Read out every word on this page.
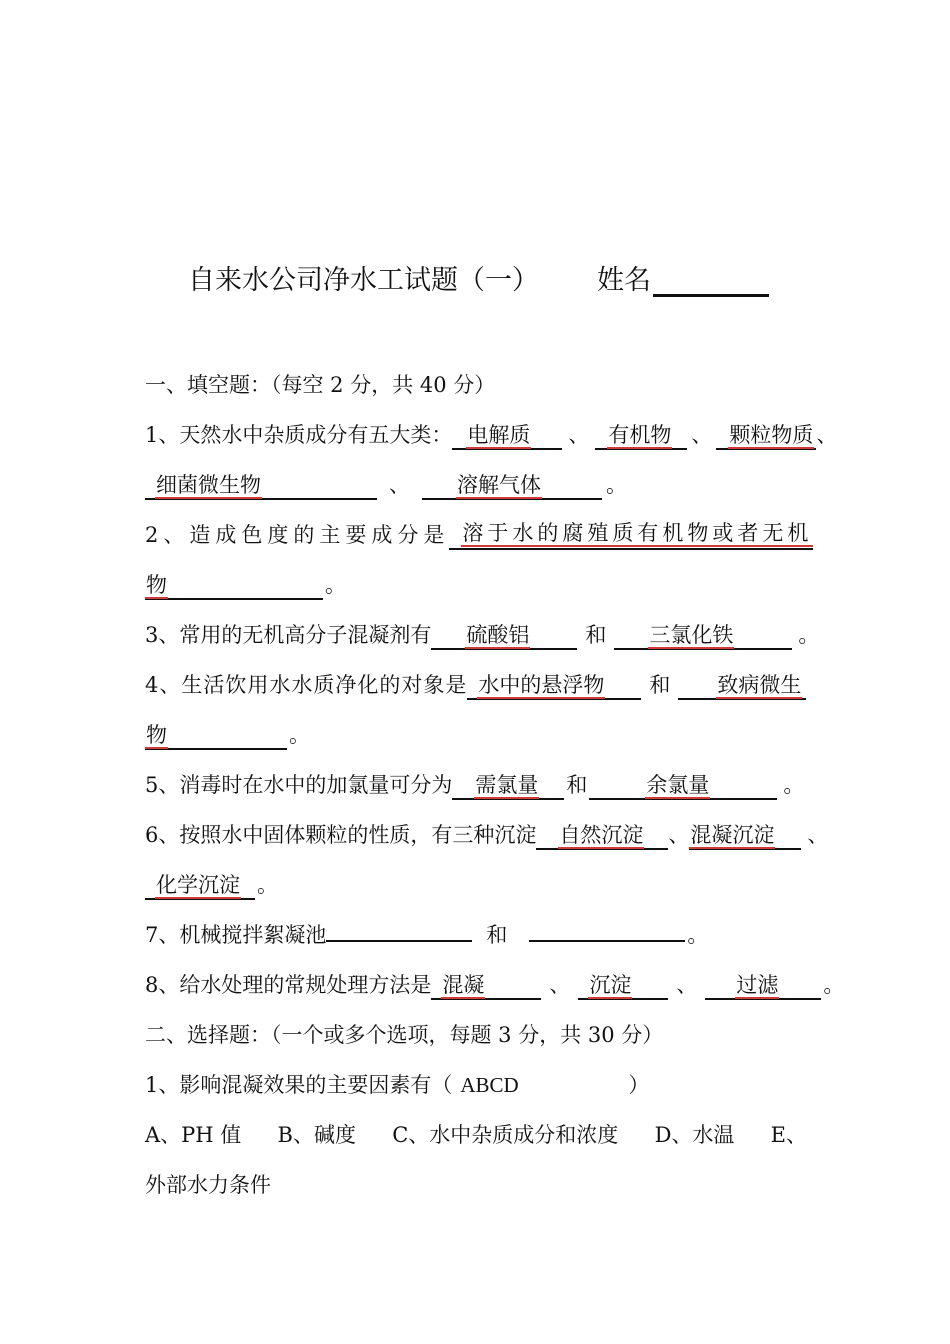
自来水公司净水工试题（一） 姓名
一、填空题：（每空 2 分，共 40 分）
1、天然水中杂质成分有五大类： 电解质 、 有机物 、 颗粒物质 、
细菌微生物	、 溶解气体	。
2、造成色度的主要成分是 溶于水的腐殖质有机物或者无机
物	。
3、常用的无机高分子混凝剂有 硫酸铝	和 三氯化铁	。
4、生活饮用水水质净化的对象是 水中的悬浮物 和 致病微生
物	。
5、消毒时在水中的加氯量可分为 需氯量 和	余氯量	。
6、按照水中固体颗粒的性质，有三种沉淀 自然沉淀 、混凝沉淀 、
化学沉淀 。
7、机械搅拌絮凝池	和	。
8、给水处理的常规处理方法是 混凝	、 沉淀 、 过滤 。
二、选择题：（一个或多个选项，每题 3 分，共 30 分）
1、影响混凝效果的主要因素有（ ABCD	）
A、PH 值 B、碱度 C、水中杂质成分和浓度 D、水温 E、
外部水力条件
